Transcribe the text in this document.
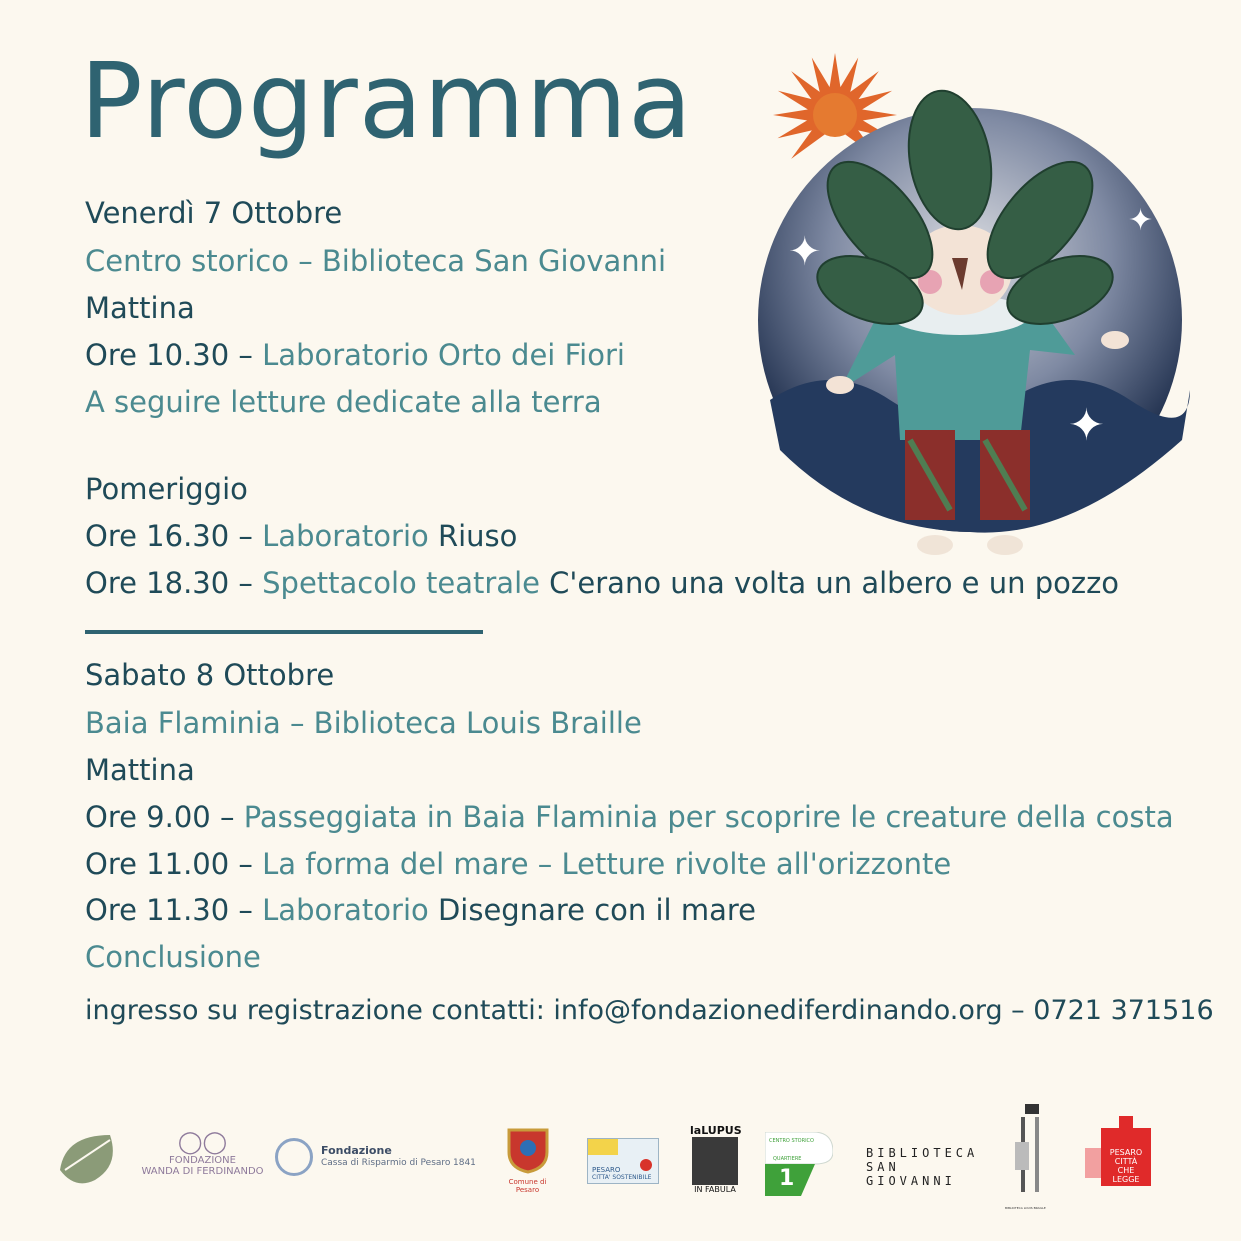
Programma
Venerdì 7 Ottobre
Centro storico – Biblioteca San Giovanni
Mattina
Ore 10.30 – Laboratorio Orto dei Fiori
A seguire letture dedicate alla terra
Pomeriggio
Ore 16.30 – Laboratorio Riuso
Ore 18.30 – Spettacolo teatrale C'erano una volta un albero e un pozzo
Sabato 8 Ottobre
Baia Flaminia – Biblioteca Louis Braille
Mattina
Ore 9.00 – Passeggiata in Baia Flaminia per scoprire le creature della costa
Ore 11.00 – La forma del mare – Letture rivolte all'orizzonte
Ore 11.30 – Laboratorio Disegnare con il mare
Conclusione
ingresso su registrazione contatti: info@fondazionediferdinando.org – 0721 371516
✦
✦
✦
◯◯
FONDAZIONE
WANDA DI FERDINANDO
Fondazione
Cassa di Risparmio di Pesaro 1841
Comune di Pesaro
PESARO
CITTA' SOSTENIBILE
laLUPUS
IN FABULA
CENTRO STORICO
QUARTIERE
1
BIBLIOTECA
SAN GIOVANNI
BIBLIOTECA LOUIS BRAILLE
PESARO
CITTÀ
CHE
LEGGE
